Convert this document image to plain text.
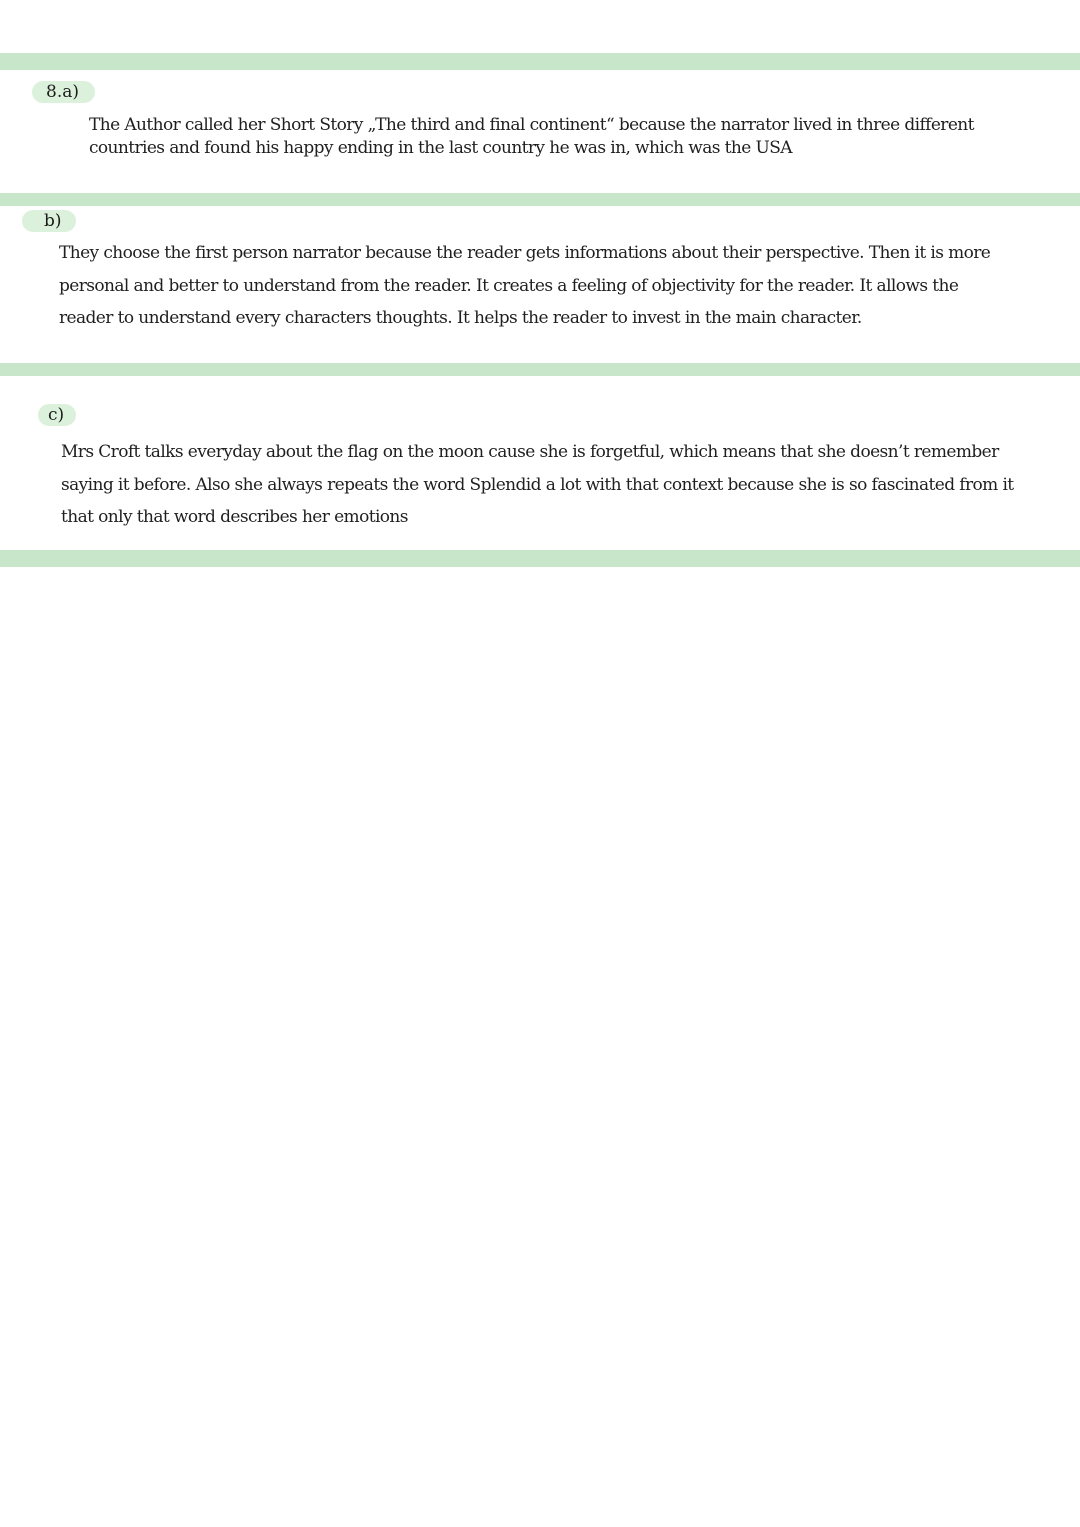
8.a)

The Author called her Short Story „The third and final continent“ because the narrator lived in three different countries and found his happy ending in the last country he was in, which was the USA

b)

They choose the first person narrator because the reader gets informations about their perspective. Then it is more personal and better to understand from the reader. It creates a feeling of objectivity for the reader. It allows the reader to understand every characters thoughts. It helps the reader to invest in the main character.

c)

Mrs Croft talks everyday about the flag on the moon cause she is forgetful, which means that she doesn’t remember saying it before. Also she always repeats the word Splendid a lot with that context because she is so fascinated from it that only that word describes her emotions
